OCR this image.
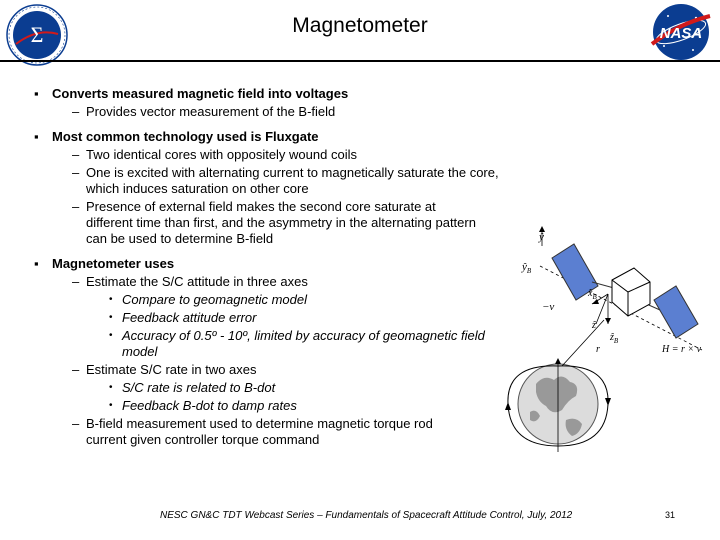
Σ	NASA
Magnetometer
▪ Converts measured magnetic field into voltages
– Provides vector measurement of the B-field
▪ Most common technology used is Fluxgate
– Two identical cores with oppositely wound coils
– One is excited with alternating current to magnetically saturate the core, which induces saturation on other core
– Presence of external field makes the second core saturate at different time than first, and the asymmetry in the alternating pattern can be used to determine B-field
▪ Magnetometer uses
– Estimate the S/C attitude in three axes
• Compare to geomagnetic model
• Feedback attitude error
• Accuracy of 0.5º - 10º, limited by accuracy of geomagnetic field model
– Estimate S/C rate in two axes
• S/C rate is related to B-dot
• Feedback B-dot to damp rates
– B-field measurement used to determine magnetic torque rod current given controller torque command
ŷ
$ŷ_B$
−v
$x̂_B$
ẑ
ẑ$_B$
r	H = r × v
NESC GN&C TDT Webcast Series – Fundamentals of Spacecraft Attitude Control, July, 2012	31
